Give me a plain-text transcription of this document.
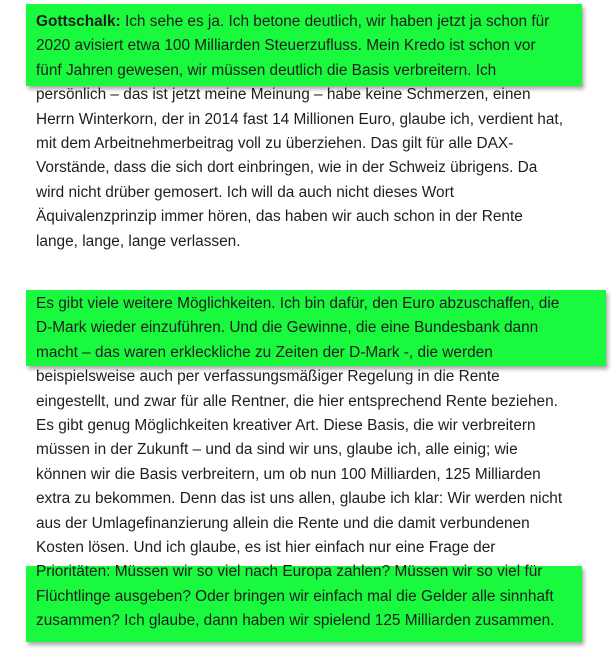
Gottschalk: Ich sehe es ja. Ich betone deutlich, wir haben jetzt ja schon für
2020 avisiert etwa 100 Milliarden Steuerzufluss. Mein Kredo ist schon vor
fünf Jahren gewesen, wir müssen deutlich die Basis verbreitern. Ich
persönlich – das ist jetzt meine Meinung – habe keine Schmerzen, einen
Herrn Winterkorn, der in 2014 fast 14 Millionen Euro, glaube ich, verdient hat,
mit dem Arbeitnehmerbeitrag voll zu überziehen. Das gilt für alle DAX-
Vorstände, dass die sich dort einbringen, wie in der Schweiz übrigens. Da
wird nicht drüber gemosert. Ich will da auch nicht dieses Wort
Äquivalenzprinzip immer hören, das haben wir auch schon in der Rente
lange, lange, lange verlassen.
Es gibt viele weitere Möglichkeiten. Ich bin dafür, den Euro abzuschaffen, die
D-Mark wieder einzuführen. Und die Gewinne, die eine Bundesbank dann
macht – das waren erkleckliche zu Zeiten der D-Mark -, die werden
beispielsweise auch per verfassungsmäßiger Regelung in die Rente
eingestellt, und zwar für alle Rentner, die hier entsprechend Rente beziehen.
Es gibt genug Möglichkeiten kreativer Art. Diese Basis, die wir verbreitern
müssen in der Zukunft – und da sind wir uns, glaube ich, alle einig; wie
können wir die Basis verbreitern, um ob nun 100 Milliarden, 125 Milliarden
extra zu bekommen. Denn das ist uns allen, glaube ich klar: Wir werden nicht
aus der Umlagefinanzierung allein die Rente und die damit verbundenen
Kosten lösen. Und ich glaube, es ist hier einfach nur eine Frage der
Prioritäten: Müssen wir so viel nach Europa zahlen? Müssen wir so viel für
Flüchtlinge ausgeben? Oder bringen wir einfach mal die Gelder alle sinnhaft
zusammen? Ich glaube, dann haben wir spielend 125 Milliarden zusammen.
